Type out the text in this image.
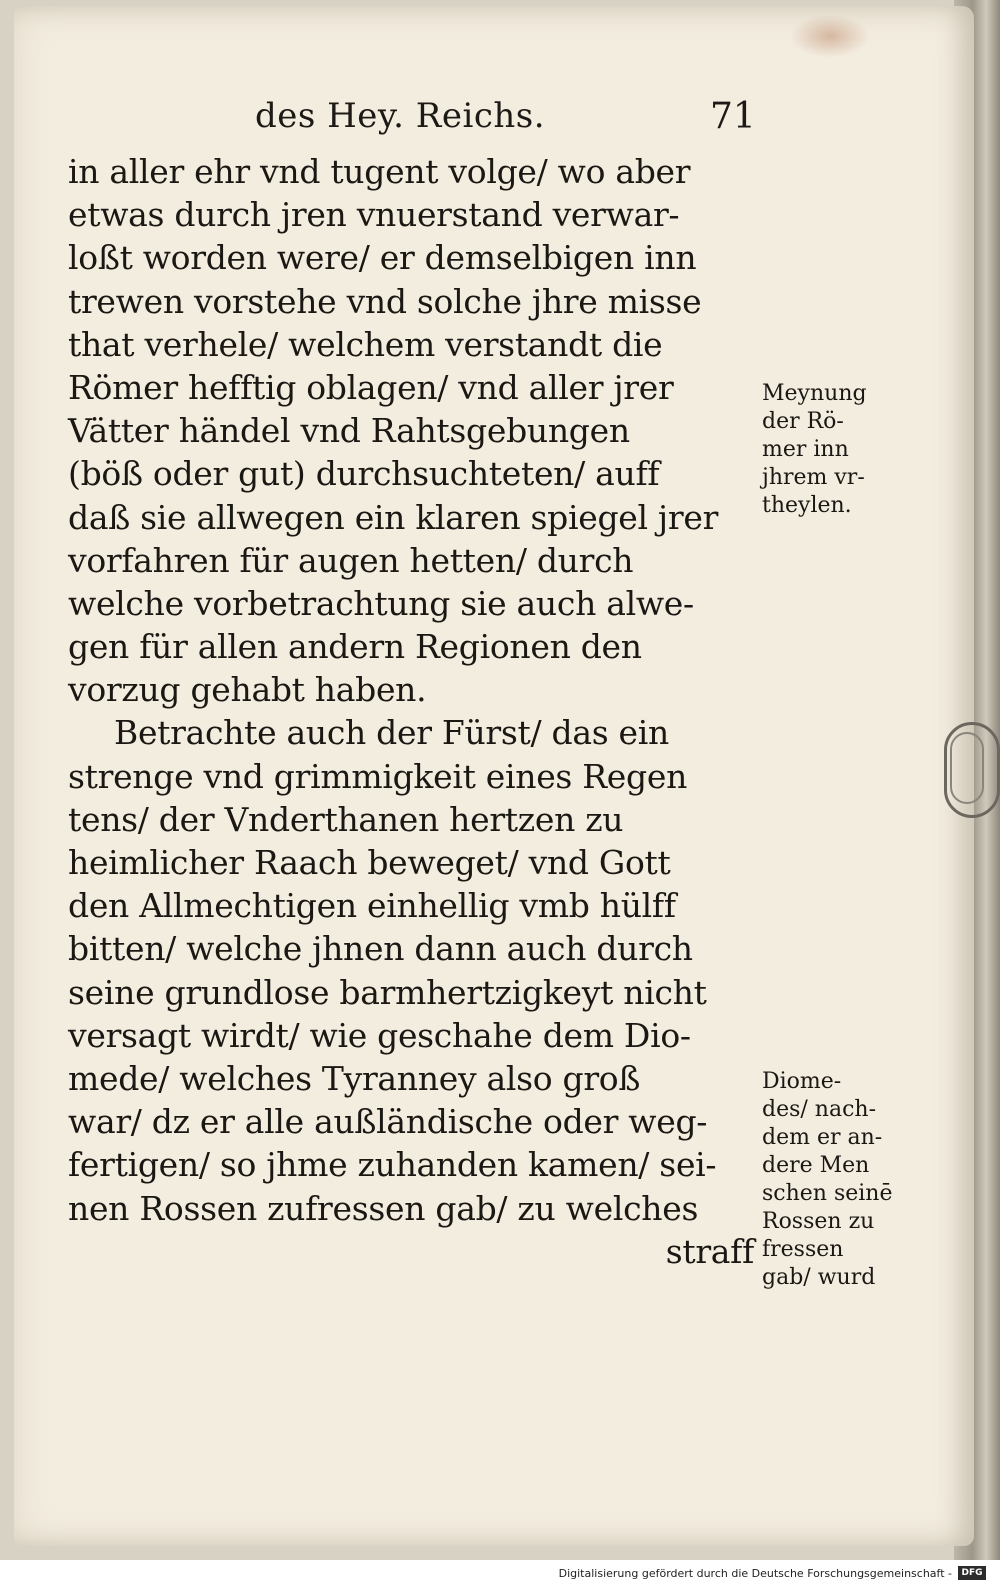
des Hey. Reichs.	71
in aller ehr vnd tugent volge/ wo aber
etwas durch jren vnuerstand verwar-
loßt worden were/ er demselbigen inn
trewen vorstehe vnd solche jhre misse
that verhele/ welchem verstandt die
Römer hefftig oblagen/ vnd aller jrer
Vätter händel vnd Rahtsgebungen
(böß oder gut) durchsuchteten/ auff
daß sie allwegen ein klaren spiegel jrer
vorfahren für augen hetten/ durch
welche vorbetrachtung sie auch alwe-
gen für allen andern Regionen den
vorzug gehabt haben.
Betrachte auch der Fürst/ das ein
strenge vnd grimmigkeit eines Regen
tens/ der Vnderthanen hertzen zu
heimlicher Raach beweget/ vnd Gott
den Allmechtigen einhellig vmb hülff
bitten/ welche jhnen dann auch durch
seine grundlose barmhertzigkeyt nicht
versagt wirdt/ wie geschahe dem Dio-
mede/ welches Tyranney also groß
war/ dz er alle außländische oder weg-
fertigen/ so jhme zuhanden kamen/ sei-
nen Rossen zufressen gab/ zu welches
straff
Meynung
der Rö-
mer inn
jhrem vr-
theylen.
Diome-
des/ nach-
dem er an-
dere Men
schen seinē
Rossen zu
fressen
gab/ wurd
Digitalisierung gefördert durch die Deutsche Forschungsgemeinschaft -	DFG
